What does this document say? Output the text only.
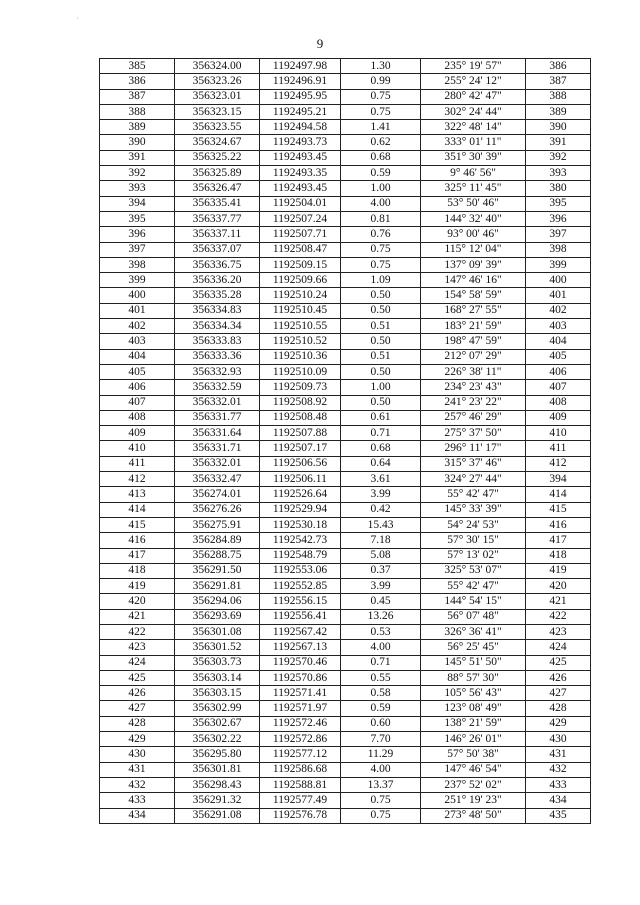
·
9
385	356324.00	1192497.98	1.30	235° 19' 57"	386
386	356323.26	1192496.91	0.99	255° 24' 12"	387
387	356323.01	1192495.95	0.75	280° 42' 47"	388
388	356323.15	1192495.21	0.75	302° 24' 44"	389
389	356323.55	1192494.58	1.41	322° 48' 14"	390
390	356324.67	1192493.73	0.62	333° 01' 11"	391
391	356325.22	1192493.45	0.68	351° 30' 39"	392
392	356325.89	1192493.35	0.59	9° 46' 56"	393
393	356326.47	1192493.45	1.00	325° 11' 45"	380
394	356335.41	1192504.01	4.00	53° 50' 46"	395
395	356337.77	1192507.24	0.81	144° 32' 40"	396
396	356337.11	1192507.71	0.76	93° 00' 46"	397
397	356337.07	1192508.47	0.75	115° 12' 04"	398
398	356336.75	1192509.15	0.75	137° 09' 39"	399
399	356336.20	1192509.66	1.09	147° 46' 16"	400
400	356335.28	1192510.24	0.50	154° 58' 59"	401
401	356334.83	1192510.45	0.50	168° 27' 55"	402
402	356334.34	1192510.55	0.51	183° 21' 59"	403
403	356333.83	1192510.52	0.50	198° 47' 59"	404
404	356333.36	1192510.36	0.51	212° 07' 29"	405
405	356332.93	1192510.09	0.50	226° 38' 11"	406
406	356332.59	1192509.73	1.00	234° 23' 43"	407
407	356332.01	1192508.92	0.50	241° 23' 22"	408
408	356331.77	1192508.48	0.61	257° 46' 29"	409
409	356331.64	1192507.88	0.71	275° 37' 50"	410
410	356331.71	1192507.17	0.68	296° 11' 17"	411
411	356332.01	1192506.56	0.64	315° 37' 46"	412
412	356332.47	1192506.11	3.61	324° 27' 44"	394
413	356274.01	1192526.64	3.99	55° 42' 47"	414
414	356276.26	1192529.94	0.42	145° 33' 39"	415
415	356275.91	1192530.18	15.43	54° 24' 53"	416
416	356284.89	1192542.73	7.18	57° 30' 15"	417
417	356288.75	1192548.79	5.08	57° 13' 02"	418
418	356291.50	1192553.06	0.37	325° 53' 07"	419
419	356291.81	1192552.85	3.99	55° 42' 47"	420
420	356294.06	1192556.15	0.45	144° 54' 15"	421
421	356293.69	1192556.41	13.26	56° 07' 48"	422
422	356301.08	1192567.42	0.53	326° 36' 41"	423
423	356301.52	1192567.13	4.00	56° 25' 45"	424
424	356303.73	1192570.46	0.71	145° 51' 50"	425
425	356303.14	1192570.86	0.55	88° 57' 30"	426
426	356303.15	1192571.41	0.58	105° 56' 43"	427
427	356302.99	1192571.97	0.59	123° 08' 49"	428
428	356302.67	1192572.46	0.60	138° 21' 59"	429
429	356302.22	1192572.86	7.70	146° 26' 01"	430
430	356295.80	1192577.12	11.29	57° 50' 38"	431
431	356301.81	1192586.68	4.00	147° 46' 54"	432
432	356298.43	1192588.81	13.37	237° 52' 02"	433
433	356291.32	1192577.49	0.75	251° 19' 23"	434
434	356291.08	1192576.78	0.75	273° 48' 50"	435
